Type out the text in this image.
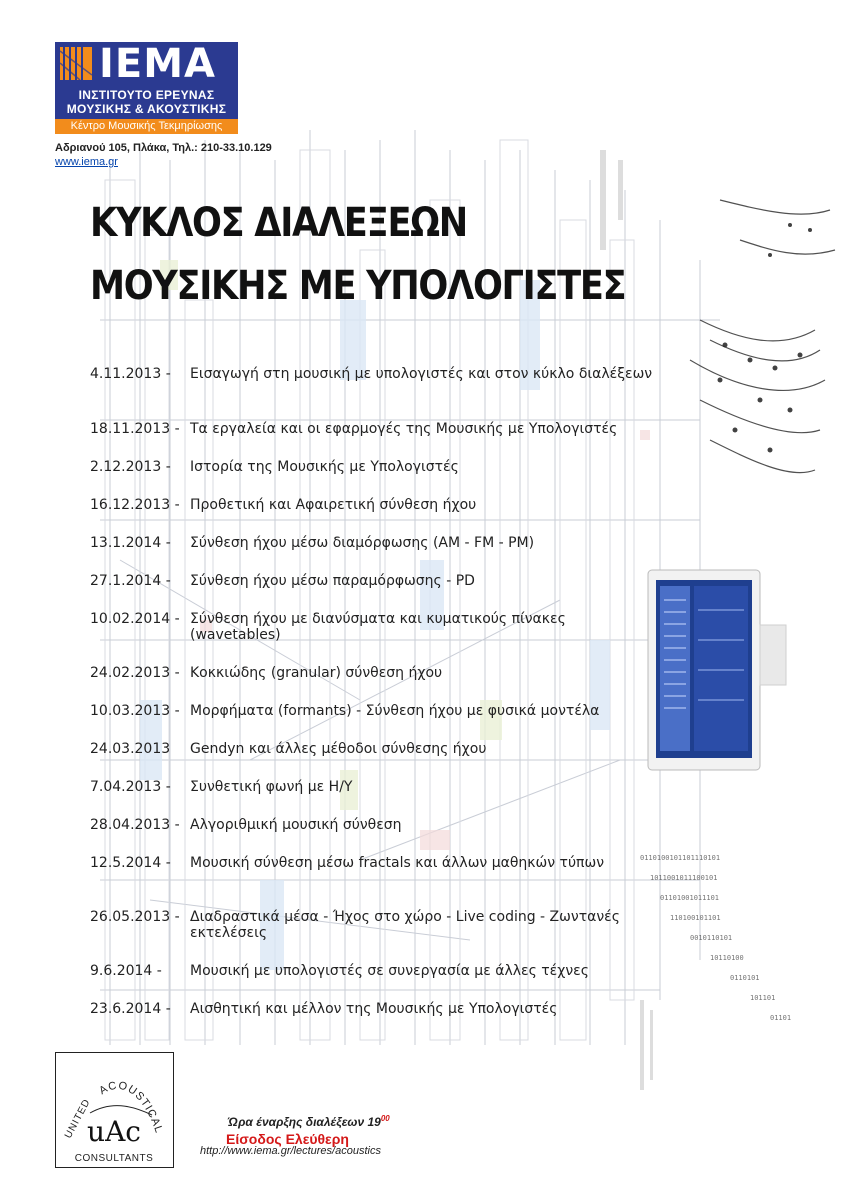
0110100101101110101
1011001011100101
01101001011101
110100101101
0010110101
10110100
0110101
101101
01101
IEMA
ΙΝΣΤΙΤΟΥΤΟ ΕΡΕΥΝΑΣ
ΜΟΥΣΙΚΗΣ & ΑΚΟΥΣΤΙΚΗΣ
Κέντρο Μουσικής Τεκμηρίωσης
Αδριανού 105, Πλάκα, Τηλ.: 210-33.10.129
www.iema.gr
ΚΥΚΛΟΣ ΔΙΑΛΕΞΕΩΝ
ΜΟΥΣΙΚΗΣ ΜΕ ΥΠΟΛΟΓΙΣΤΕΣ
4.11.2013 - Εισαγωγή στη μουσική με υπολογιστές και στον κύκλο διαλέξεων
18.11.2013 - Τα εργαλεία και οι εφαρμογές της Μουσικής με Υπολογιστές
2.12.2013 - Ιστορία της Μουσικής με Υπολογιστές
16.12.2013 - Προθετική και Αφαιρετική σύνθεση ήχου
13.1.2014 - Σύνθεση ήχου μέσω διαμόρφωσης (AM - FM - PM)
27.1.2014 - Σύνθεση ήχου μέσω παραμόρφωσης - PD
10.02.2014 - Σύνθεση ήχου με διανύσματα και κυματικούς πίνακες (wavetables)
24.02.2013 - Κοκκιώδης (granular) σύνθεση ήχου
10.03.2013 - Μορφήματα (formants) - Σύνθεση ήχου με φυσικά μοντέλα
24.03.2013 Gendyn και άλλες μέθοδοι σύνθεσης ήχου
7.04.2013 - Συνθετική φωνή με Η/Υ
28.04.2013 - Αλγοριθμική μουσική σύνθεση
12.5.2014 - Μουσική σύνθεση μέσω fractals και άλλων μαθηκών τύπων
26.05.2013 - Διαδραστικά μέσα - Ήχος στο χώρο - Live coding - Ζωντανές εκτελέσεις
9.6.2014 - Μουσική με υπολογιστές σε συνεργασία με άλλες τέχνες
23.6.2014 - Αισθητική και μέλλον της Μουσικής με Υπολογιστές
ACOUSTICAL
UNITED
uAc
CONSULTANTS
Ώρα έναρξης διαλέξεων $19^{00}$
Είσοδος Ελεύθερη
http://www.iema.gr/lectures/acoustics
